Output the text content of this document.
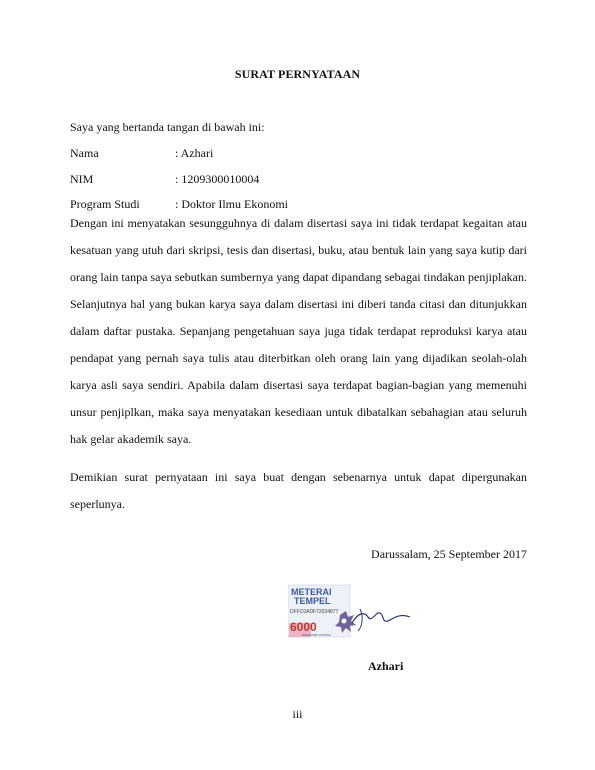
SURAT PERNYATAAN
Saya yang bertanda tangan di bawah ini:
Nama	: Azhari
NIM	: 1209300010004
Program Studi	: Doktor Ilmu Ekonomi
Dengan ini menyatakan sesungguhnya di dalam disertasi saya ini tidak terdapat kegaitan atau kesatuan yang utuh dari skripsi, tesis dan disertasi, buku, atau bentuk lain yang saya kutip dari orang lain tanpa saya sebutkan sumbernya yang dapat dipandang sebagai tindakan penjiplakan. Selanjutnya hal yang bukan karya saya dalam disertasi ini diberi tanda citasi dan ditunjukkan dalam daftar pustaka. Sepanjang pengetahuan saya juga tidak terdapat reproduksi karya atau pendapat yang pernah saya tulis atau diterbitkan oleh orang lain yang dijadikan seolah-olah karya asli saya sendiri. Apabila dalam disertasi saya terdapat bagian-bagian yang memenuhi unsur penjiplkan, maka saya menyatakan kesediaan untuk dibatalkan sebahagian atau seluruh hak gelar akademik saya.
Demikian surat pernyataan ini saya buat dengan sebenarnya untuk dapat dipergunakan seperlunya.
Darussalam, 25 September 2017
METERAI
TEMPEL
DFFC0ADF72034877
6000
ENAM RIBU RUPIAH
Azhari
iii
